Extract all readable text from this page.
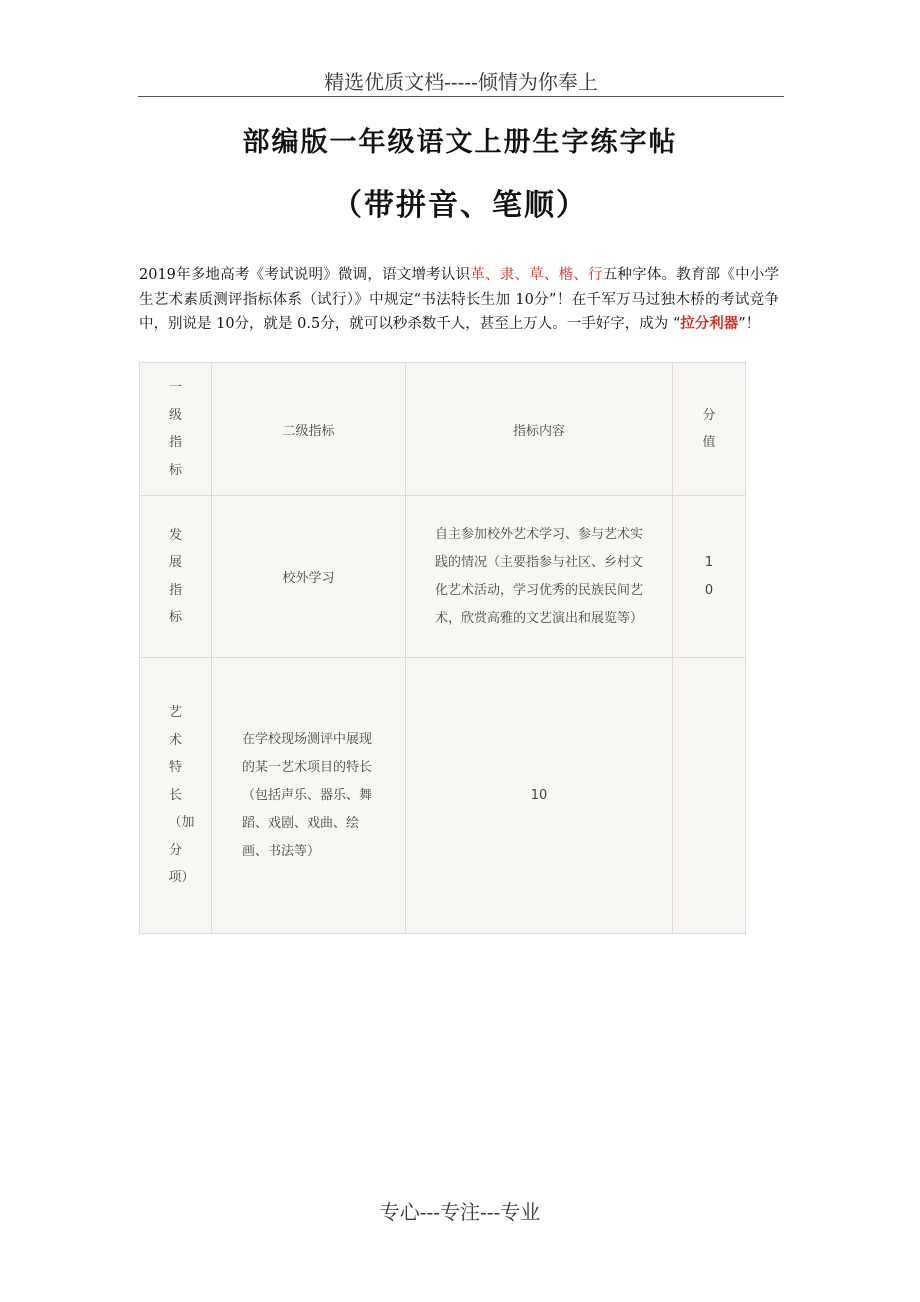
精选优质文档-----倾情为你奉上
部编版一年级语文上册生字练字帖
（带拼音、笔顺）
2019年多地高考《考试说明》微调，语文增考认识革、隶、草、楷、行五种字体。教育部《中小学生艺术素质测评指标体系（试行）》中规定“书法特长生加 10分”！在千军万马过独木桥的考试竞争中，别说是 10分，就是 0.5分，就可以秒杀数千人，甚至上万人。一手好字，成为 “拉分利器”！
一级指标	二级指标	指标内容	分值

发展指标	校外学习	自主参加校外艺术学习、参与艺术实践的情况（主要指参与社区、乡村文化艺术活动，学习优秀的民族民间艺术，欣赏高雅的文艺演出和展览等）	10

艺术特长（加分项）	在学校现场测评中展现的某一艺术项目的特长（包括声乐、器乐、舞蹈、戏剧、戏曲、绘画、书法等）	10	
专心---专注---专业
